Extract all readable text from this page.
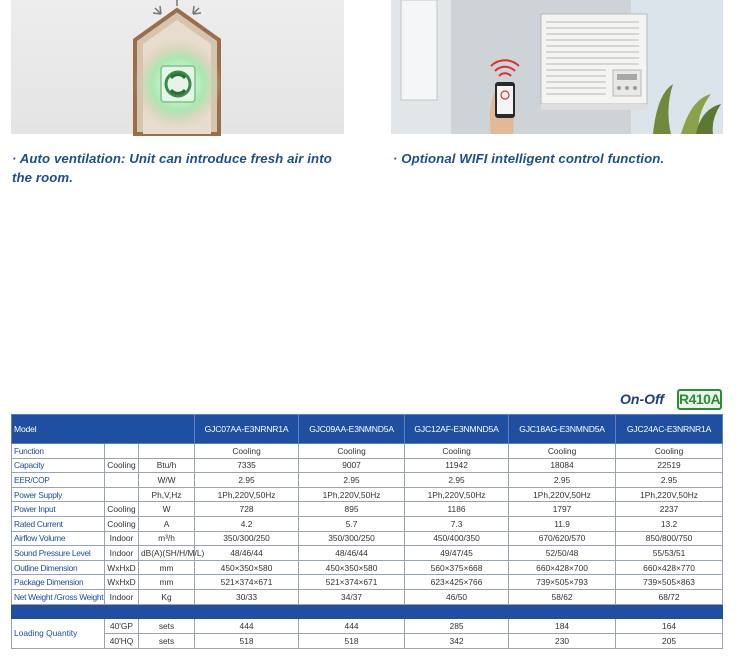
· Auto ventilation: Unit can introduce fresh air into the room.
· Optional WIFI intelligent control function.
On-Off R410A
Model			GJC07AA-E3NRNR1A	GJC09AA-E3NMND5A	GJC12AF-E3NMND5A	GJC18AG-E3NMND5A	GJC24AC-E3NRNR1A
Function			Cooling	Cooling	Cooling	Cooling	Cooling
Capacity	Cooling	Btu/h	7335	9007	11942	18084	22519
EER/COP		W/W	2.95	2.95	2.95	2.95	2.95
Power Supply		Ph,V,Hz	1Ph,220V,50Hz	1Ph,220V,50Hz	1Ph,220V,50Hz	1Ph,220V,50Hz	1Ph,220V,50Hz
Power Input	Cooling	W	728	895	1186	1797	2237
Rated Current	Cooling	A	4.2	5.7	7.3	11.9	13.2
Airflow Volume	Indoor	m³/h	350/300/250	350/300/250	450/400/350	670/620/570	850/800/750
Sound Pressure Level	Indoor	dB(A)(SH/H/M/L)	48/46/44	48/46/44	49/47/45	52/50/48	55/53/51
Outline Dimension	WxHxD	mm	450×350×580	450×350×580	560×375×668	660×428×700	660×428×770
Package Dimension	WxHxD	mm	521×374×671	521×374×671	623×425×766	739×505×793	739×505×863
Net Weight /Gross Weight	Indoor	Kg	30/33	34/37	46/50	58/62	68/72

Loading Quantity	40'GP	sets	444	444	285	184	164
	40'HQ	sets	518	518	342	230	205
